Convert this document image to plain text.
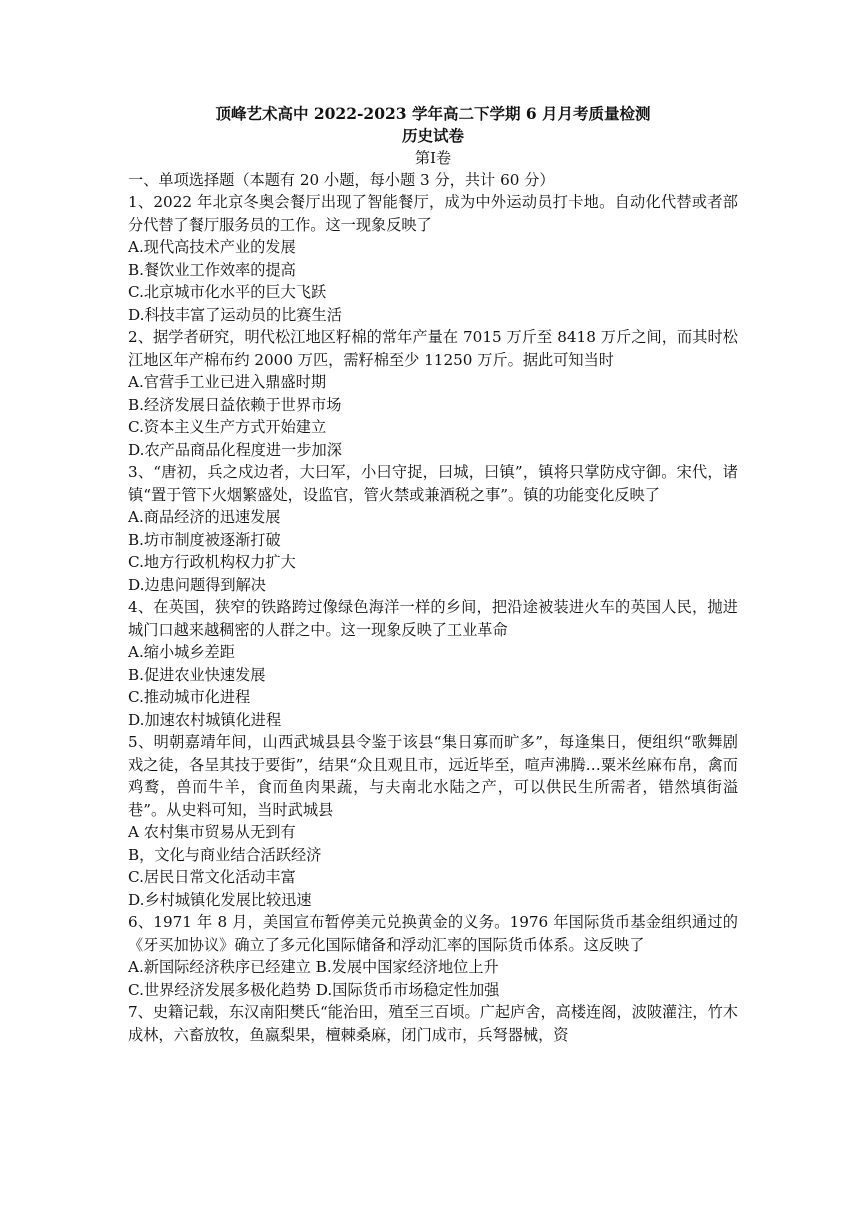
顶峰艺术高中 2022-2023 学年高二下学期 6 月月考质量检测
历史试卷
第Ⅰ卷
一、单项选择题（本题有 20 小题，每小题 3 分，共计 60 分）
1、2022 年北京冬奥会餐厅出现了智能餐厅，成为中外运动员打卡地。自动化代替或者部分代替了餐厅服务员的工作。这一现象反映了
A.现代高技术产业的发展
B.餐饮业工作效率的提高
C.北京城市化水平的巨大飞跃
D.科技丰富了运动员的比赛生活
2、据学者研究，明代松江地区籽棉的常年产量在 7015 万斤至 8418 万斤之间，而其时松江地区年产棉布约 2000 万匹，需籽棉至少 11250 万斤。据此可知当时
A.官营手工业已进入鼎盛时期
B.经济发展日益依赖于世界市场
C.资本主义生产方式开始建立
D.农产品商品化程度进一步加深
3、“唐初，兵之戍边者，大曰军，小曰守捉，曰城，曰镇”，镇将只掌防戍守御。宋代，诸镇“置于管下火烟繁盛处，设监官，管火禁或兼酒税之事”。镇的功能变化反映了
A.商品经济的迅速发展
B.坊市制度被逐渐打破
C.地方行政机构权力扩大
D.边患问题得到解决
4、在英国，狭窄的铁路跨过像绿色海洋一样的乡间，把沿途被装进火车的英国人民，抛进城门口越来越稠密的人群之中。这一现象反映了工业革命
A.缩小城乡差距
B.促进农业快速发展
C.推动城市化进程
D.加速农村城镇化进程
5、明朝嘉靖年间，山西武城县县令鉴于该县“集日寡而旷多”，每逢集日，便组织“歌舞剧戏之徒，各呈其技于要街”，结果“众且观且市，远近毕至，喧声沸腾…粟米丝麻布帛，禽而鸡鹜，兽而牛羊，食而鱼肉果蔬，与夫南北水陆之产，可以供民生所需者，错然填街溢巷”。从史料可知，当时武城县
A 农村集市贸易从无到有
B，文化与商业结合活跃经济
C.居民日常文化活动丰富
D.乡村城镇化发展比较迅速
6、1971 年 8 月，美国宣布暂停美元兑换黄金的义务。1976 年国际货币基金组织通过的《牙买加协议》确立了多元化国际储备和浮动汇率的国际货币体系。这反映了
A.新国际经济秩序已经建立 B.发展中国家经济地位上升
C.世界经济发展多极化趋势 D.国际货币市场稳定性加强
7、史籍记载，东汉南阳樊氏“能治田，殖至三百顷。广起庐舍，高楼连阁，波陂灌注，竹木成林，六畜放牧，鱼嬴梨果，檀棘桑麻，闭门成市，兵弩器械，资
